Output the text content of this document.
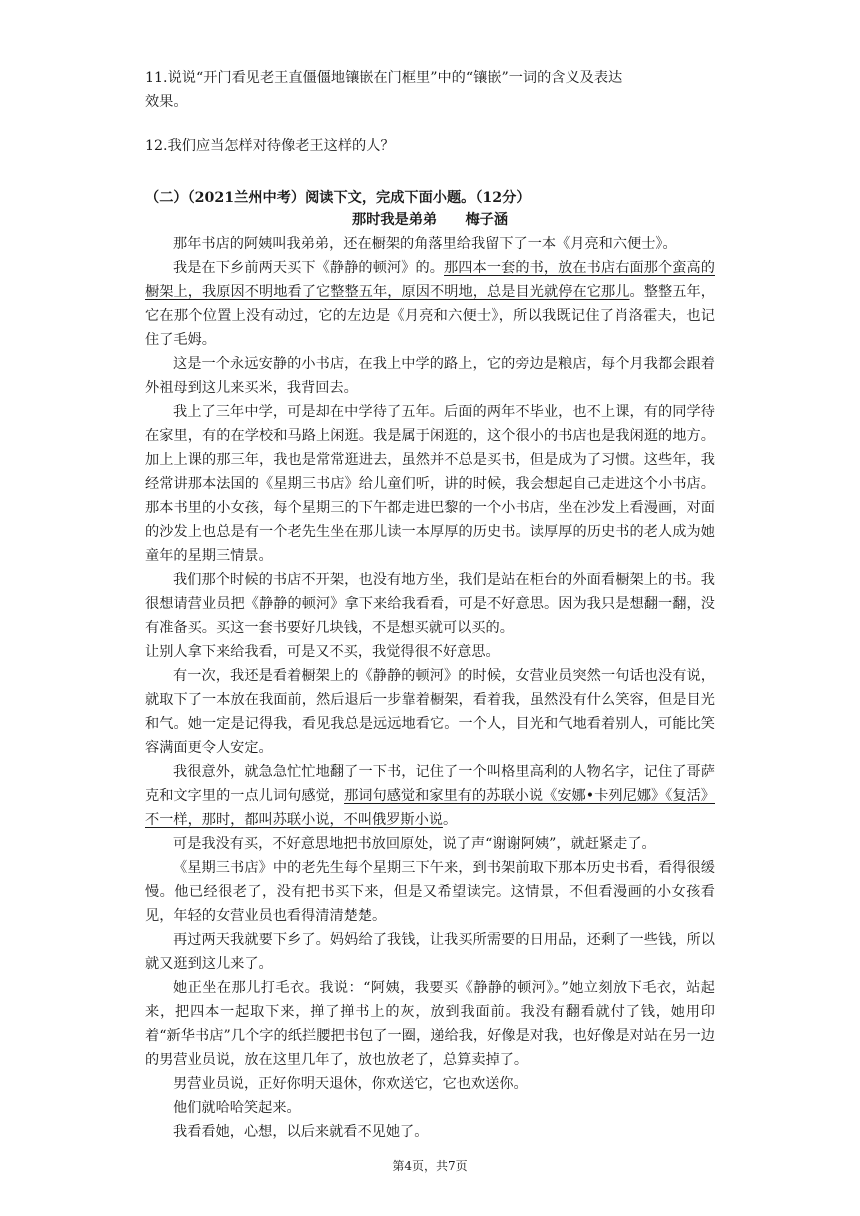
11.说说“开门看见老王直僵僵地镶嵌在门框里”中的“镶嵌”一词的含义及表达

效果。

12.我们应当怎样对待像老王这样的人？

（二）（2021兰州中考）阅读下文，完成下面小题。（12分）

那时我是弟弟　　梅子涵

那年书店的阿姨叫我弟弟，还在橱架的角落里给我留下了一本《月亮和六便士》。

我是在下乡前两天买下《静静的顿河》的。那四本一套的书，放在书店右面那个蛮高的橱架上，我原因不明地看了它整整五年，原因不明地，总是目光就停在它那儿。整整五年，它在那个位置上没有动过，它的左边是《月亮和六便士》，所以我既记住了肖洛霍夫，也记住了毛姆。

这是一个永远安静的小书店，在我上中学的路上，它的旁边是粮店，每个月我都会跟着外祖母到这儿来买米，我背回去。

我上了三年中学，可是却在中学待了五年。后面的两年不毕业，也不上课，有的同学待在家里，有的在学校和马路上闲逛。我是属于闲逛的，这个很小的书店也是我闲逛的地方。加上上课的那三年，我也是常常逛进去，虽然并不总是买书，但是成为了习惯。这些年，我经常讲那本法国的《星期三书店》给儿童们听，讲的时候，我会想起自己走进这个小书店。那本书里的小女孩，每个星期三的下午都走进巴黎的一个小书店，坐在沙发上看漫画，对面的沙发上也总是有一个老先生坐在那儿读一本厚厚的历史书。读厚厚的历史书的老人成为她童年的星期三情景。

我们那个时候的书店不开架，也没有地方坐，我们是站在柜台的外面看橱架上的书。我很想请营业员把《静静的顿河》拿下来给我看看，可是不好意思。因为我只是想翻一翻，没有准备买。买这一套书要好几块钱，不是想买就可以买的。

让别人拿下来给我看，可是又不买，我觉得很不好意思。

有一次，我还是看着橱架上的《静静的顿河》的时候，女营业员突然一句话也没有说，就取下了一本放在我面前，然后退后一步靠着橱架，看着我，虽然没有什么笑容，但是目光和气。她一定是记得我，看见我总是远远地看它。一个人，目光和气地看着别人，可能比笑容满面更令人安定。

我很意外，就急急忙忙地翻了一下书，记住了一个叫格里高利的人物名字，记住了哥萨克和文字里的一点儿词句感觉，那词句感觉和家里有的苏联小说《安娜•卡列尼娜》《复活》不一样，那时，都叫苏联小说，不叫俄罗斯小说。

可是我没有买，不好意思地把书放回原处，说了声“谢谢阿姨”，就赶紧走了。

《星期三书店》中的老先生每个星期三下午来，到书架前取下那本历史书看，看得很缓慢。他已经很老了，没有把书买下来，但是又希望读完。这情景，不但看漫画的小女孩看见，年轻的女营业员也看得清清楚楚。

再过两天我就要下乡了。妈妈给了我钱，让我买所需要的日用品，还剩了一些钱，所以就又逛到这儿来了。

她正坐在那儿打毛衣。我说：“阿姨，我要买《静静的顿河》。”她立刻放下毛衣，站起来，把四本一起取下来，掸了掸书上的灰，放到我面前。我没有翻看就付了钱，她用印着“新华书店”几个字的纸拦腰把书包了一圈，递给我，好像是对我，也好像是对站在另一边的男营业员说，放在这里几年了，放也放老了，总算卖掉了。

男营业员说，正好你明天退休，你欢送它，它也欢送你。

他们就哈哈笑起来。

我看看她，心想，以后来就看不见她了。

第4页，共7页
